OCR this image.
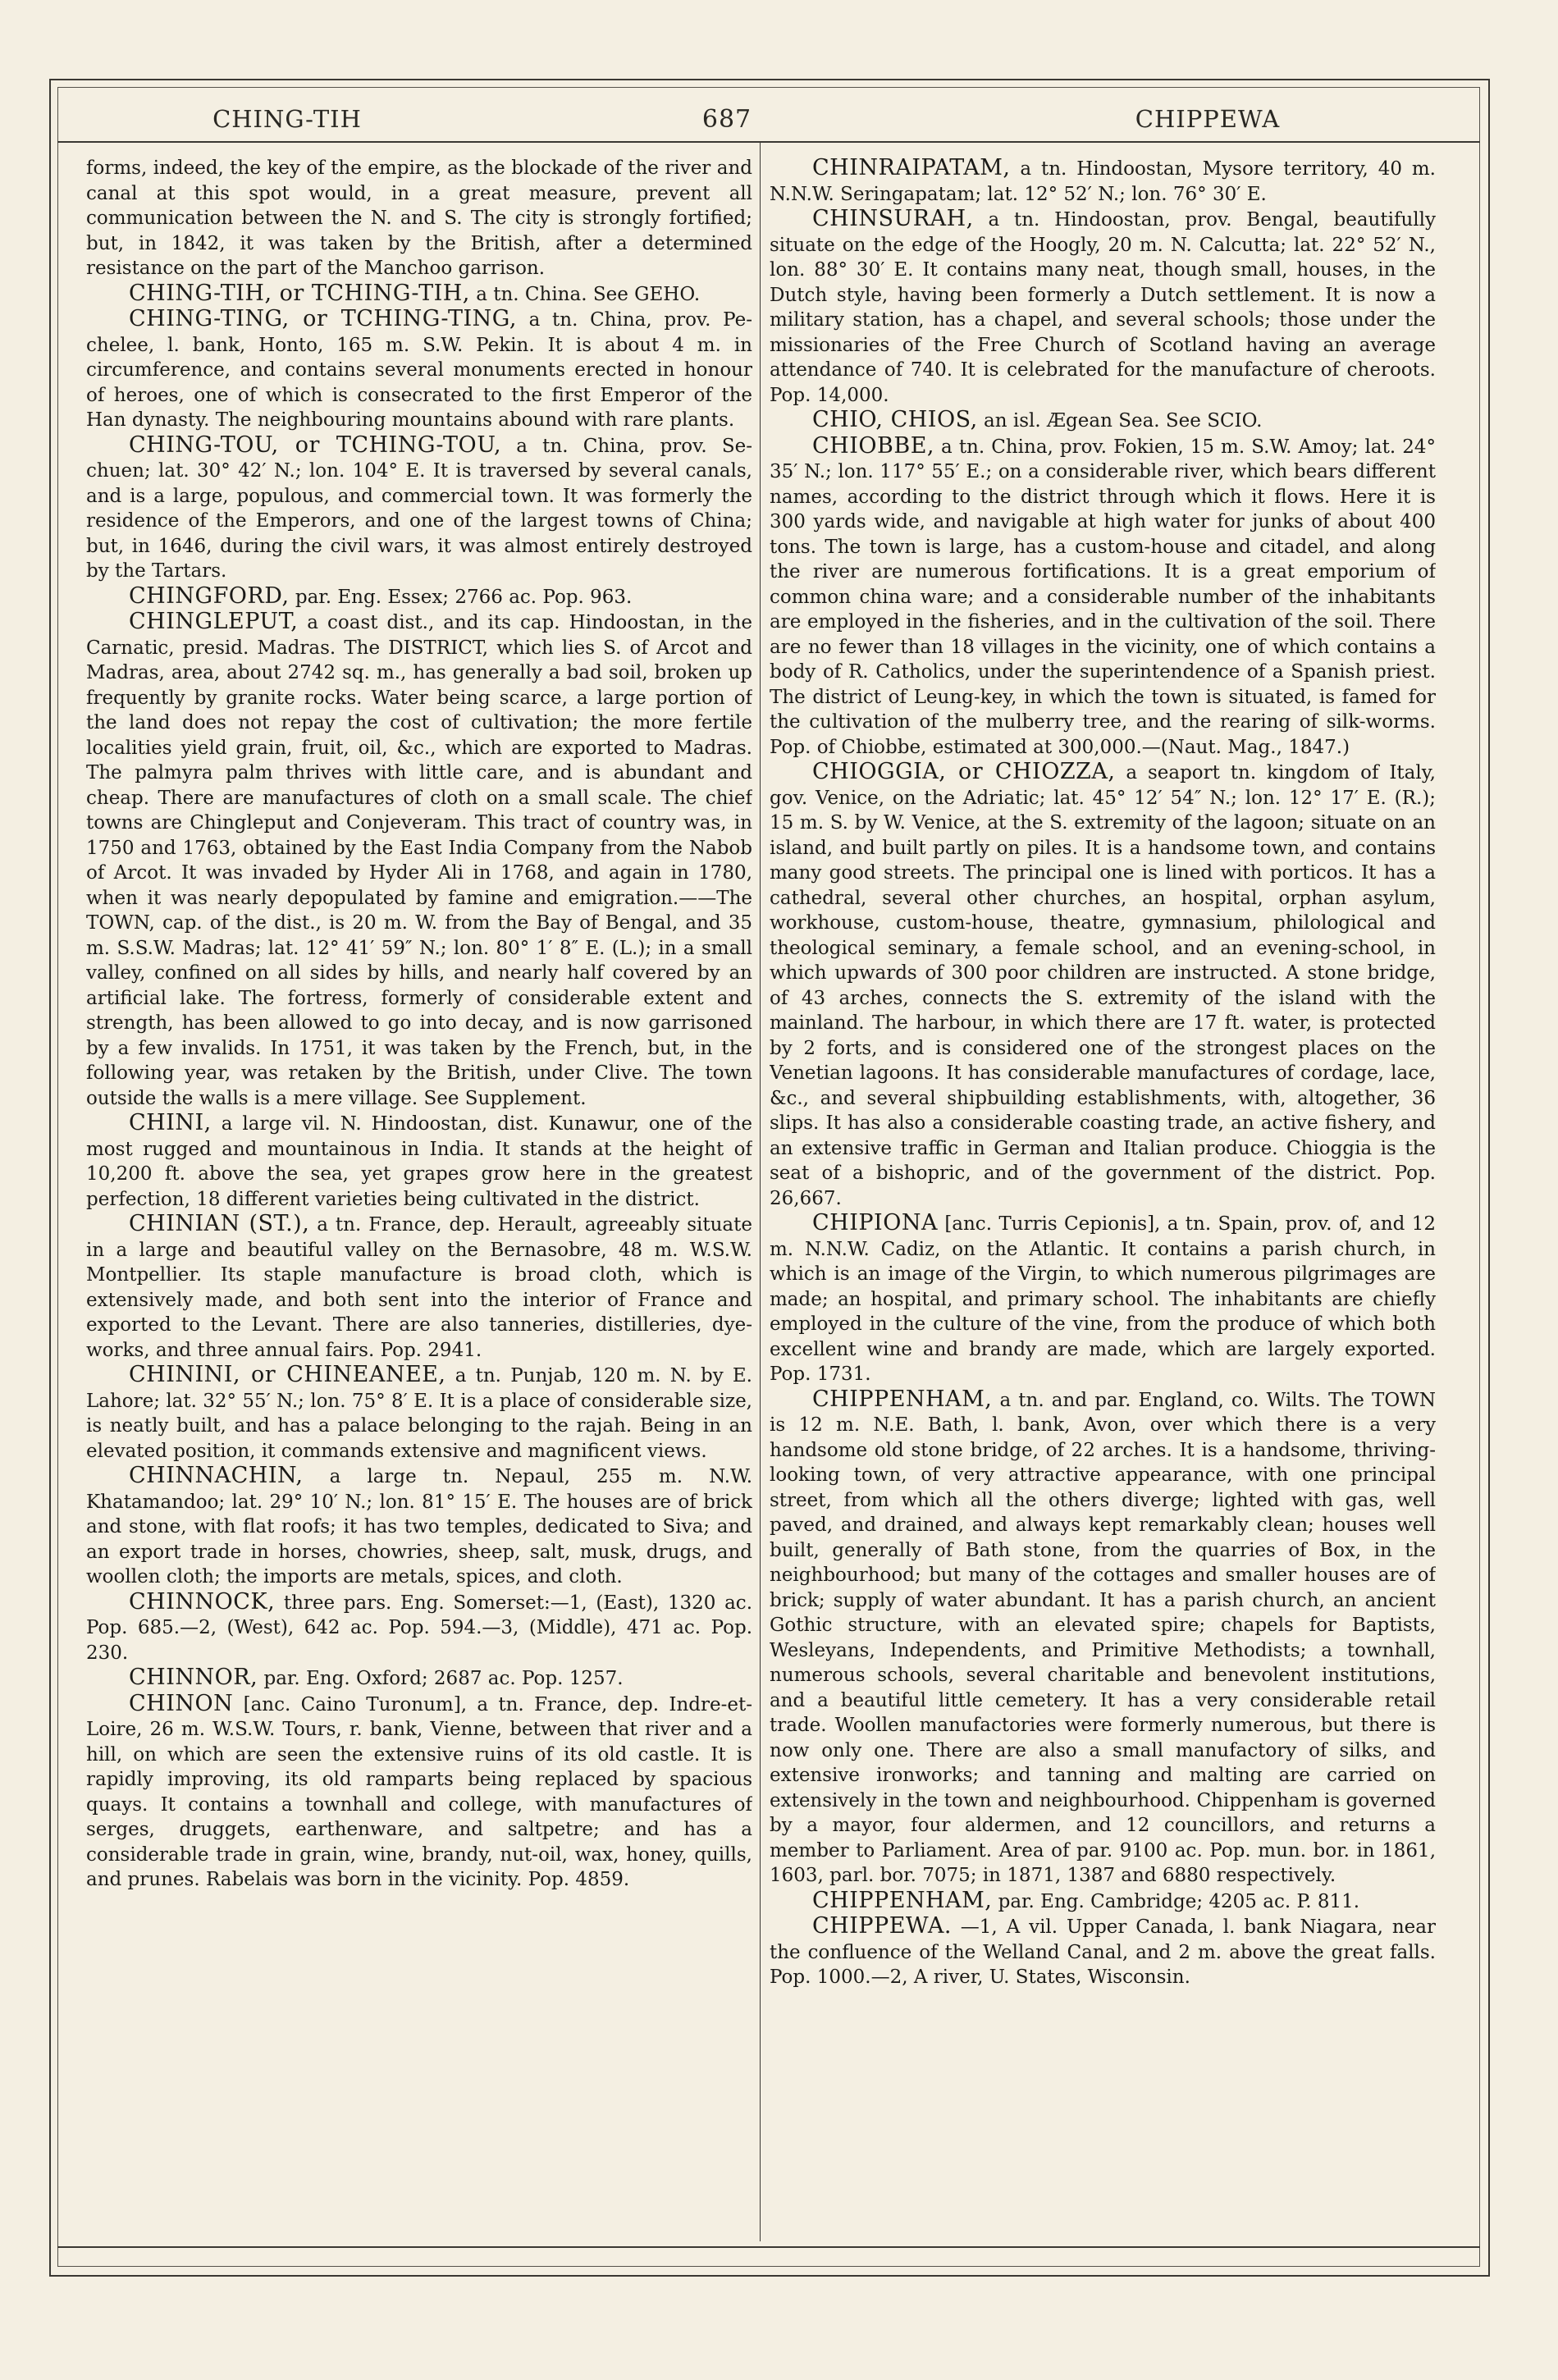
CHING-TIH	687	CHIPPEWA

forms, indeed, the key of the empire, as the blockade of the river and canal at this spot would, in a great measure, prevent all communication between the N. and S. The city is strongly fortified; but, in 1842, it was taken by the British, after a determined resistance on the part of the Manchoo garrison.

CHING-TIH, or TCHING-TIH, a tn. China. See GEHO.

CHING-TING, or TCHING-TING, a tn. China, prov. Pe-chelee, l. bank, Honto, 165 m. S.W. Pekin. It is about 4 m. in circumference, and contains several monuments erected in honour of heroes, one of which is consecrated to the first Emperor of the Han dynasty. The neighbouring mountains abound with rare plants.

CHING-TOU, or TCHING-TOU, a tn. China, prov. Se-chuen; lat. 30° 42′ N.; lon. 104° E. It is traversed by several canals, and is a large, populous, and commercial town. It was formerly the residence of the Emperors, and one of the largest towns of China; but, in 1646, during the civil wars, it was almost entirely destroyed by the Tartars.

CHINGFORD, par. Eng. Essex; 2766 ac. Pop. 963.

CHINGLEPUT, a coast dist., and its cap. Hindoostan, in the Carnatic, presid. Madras. The DISTRICT, which lies S. of Arcot and Madras, area, about 2742 sq. m., has generally a bad soil, broken up frequently by granite rocks. Water being scarce, a large portion of the land does not repay the cost of cultivation; the more fertile localities yield grain, fruit, oil, &c., which are exported to Madras. The palmyra palm thrives with little care, and is abundant and cheap. There are manufactures of cloth on a small scale. The chief towns are Chingleput and Conjeveram. This tract of country was, in 1750 and 1763, obtained by the East India Company from the Nabob of Arcot. It was invaded by Hyder Ali in 1768, and again in 1780, when it was nearly depopulated by famine and emigration.——The TOWN, cap. of the dist., is 20 m. W. from the Bay of Bengal, and 35 m. S.S.W. Madras; lat. 12° 41′ 59″ N.; lon. 80° 1′ 8″ E. (L.); in a small valley, confined on all sides by hills, and nearly half covered by an artificial lake. The fortress, formerly of considerable extent and strength, has been allowed to go into decay, and is now garrisoned by a few invalids. In 1751, it was taken by the French, but, in the following year, was retaken by the British, under Clive. The town outside the walls is a mere village. See Supplement.

CHINI, a large vil. N. Hindoostan, dist. Kunawur, one of the most rugged and mountainous in India. It stands at the height of 10,200 ft. above the sea, yet grapes grow here in the greatest perfection, 18 different varieties being cultivated in the district.

CHINIAN (ST.), a tn. France, dep. Herault, agreeably situate in a large and beautiful valley on the Bernasobre, 48 m. W.S.W. Montpellier. Its staple manufacture is broad cloth, which is extensively made, and both sent into the interior of France and exported to the Levant. There are also tanneries, distilleries, dye-works, and three annual fairs. Pop. 2941.

CHININI, or CHINEANEE, a tn. Punjab, 120 m. N. by E. Lahore; lat. 32° 55′ N.; lon. 75° 8′ E. It is a place of considerable size, is neatly built, and has a palace belonging to the rajah. Being in an elevated position, it commands extensive and magnificent views.

CHINNACHIN, a large tn. Nepaul, 255 m. N.W. Khatamandoo; lat. 29° 10′ N.; lon. 81° 15′ E. The houses are of brick and stone, with flat roofs; it has two temples, dedicated to Siva; and an export trade in horses, chowries, sheep, salt, musk, drugs, and woollen cloth; the imports are metals, spices, and cloth.

CHINNOCK, three pars. Eng. Somerset:—1, (East), 1320 ac. Pop. 685.—2, (West), 642 ac. Pop. 594.—3, (Middle), 471 ac. Pop. 230.

CHINNOR, par. Eng. Oxford; 2687 ac. Pop. 1257.

CHINON [anc. Caino Turonum], a tn. France, dep. Indre-et-Loire, 26 m. W.S.W. Tours, r. bank, Vienne, between that river and a hill, on which are seen the extensive ruins of its old castle. It is rapidly improving, its old ramparts being replaced by spacious quays. It contains a townhall and college, with manufactures of serges, druggets, earthenware, and saltpetre; and has a considerable trade in grain, wine, brandy, nut-oil, wax, honey, quills, and prunes. Rabelais was born in the vicinity. Pop. 4859.

CHINRAIPATAM, a tn. Hindoostan, Mysore territory, 40 m. N.N.W. Seringapatam; lat. 12° 52′ N.; lon. 76° 30′ E.

CHINSURAH, a tn. Hindoostan, prov. Bengal, beautifully situate on the edge of the Hoogly, 20 m. N. Calcutta; lat. 22° 52′ N., lon. 88° 30′ E. It contains many neat, though small, houses, in the Dutch style, having been formerly a Dutch settlement. It is now a military station, has a chapel, and several schools; those under the missionaries of the Free Church of Scotland having an average attendance of 740. It is celebrated for the manufacture of cheroots. Pop. 14,000.

CHIO, CHIOS, an isl. Ægean Sea. See SCIO.

CHIOBBE, a tn. China, prov. Fokien, 15 m. S.W. Amoy; lat. 24° 35′ N.; lon. 117° 55′ E.; on a considerable river, which bears different names, according to the district through which it flows. Here it is 300 yards wide, and navigable at high water for junks of about 400 tons. The town is large, has a custom-house and citadel, and along the river are numerous fortifications. It is a great emporium of common china ware; and a considerable number of the inhabitants are employed in the fisheries, and in the cultivation of the soil. There are no fewer than 18 villages in the vicinity, one of which contains a body of R. Catholics, under the superintendence of a Spanish priest. The district of Leung-key, in which the town is situated, is famed for the cultivation of the mulberry tree, and the rearing of silk-worms. Pop. of Chiobbe, estimated at 300,000.—(Naut. Mag., 1847.)

CHIOGGIA, or CHIOZZA, a seaport tn. kingdom of Italy, gov. Venice, on the Adriatic; lat. 45° 12′ 54″ N.; lon. 12° 17′ E. (R.); 15 m. S. by W. Venice, at the S. extremity of the lagoon; situate on an island, and built partly on piles. It is a handsome town, and contains many good streets. The principal one is lined with porticos. It has a cathedral, several other churches, an hospital, orphan asylum, workhouse, custom-house, theatre, gymnasium, philological and theological seminary, a female school, and an evening-school, in which upwards of 300 poor children are instructed. A stone bridge, of 43 arches, connects the S. extremity of the island with the mainland. The harbour, in which there are 17 ft. water, is protected by 2 forts, and is considered one of the strongest places on the Venetian lagoons. It has considerable manufactures of cordage, lace, &c., and several shipbuilding establishments, with, altogether, 36 slips. It has also a considerable coasting trade, an active fishery, and an extensive traffic in German and Italian produce. Chioggia is the seat of a bishopric, and of the government of the district. Pop. 26,667.

CHIPIONA [anc. Turris Cepionis], a tn. Spain, prov. of, and 12 m. N.N.W. Cadiz, on the Atlantic. It contains a parish church, in which is an image of the Virgin, to which numerous pilgrimages are made; an hospital, and primary school. The inhabitants are chiefly employed in the culture of the vine, from the produce of which both excellent wine and brandy are made, which are largely exported. Pop. 1731.

CHIPPENHAM, a tn. and par. England, co. Wilts. The TOWN is 12 m. N.E. Bath, l. bank, Avon, over which there is a very handsome old stone bridge, of 22 arches. It is a handsome, thriving-looking town, of very attractive appearance, with one principal street, from which all the others diverge; lighted with gas, well paved, and drained, and always kept remarkably clean; houses well built, generally of Bath stone, from the quarries of Box, in the neighbourhood; but many of the cottages and smaller houses are of brick; supply of water abundant. It has a parish church, an ancient Gothic structure, with an elevated spire; chapels for Baptists, Wesleyans, Independents, and Primitive Methodists; a townhall, numerous schools, several charitable and benevolent institutions, and a beautiful little cemetery. It has a very considerable retail trade. Woollen manufactories were formerly numerous, but there is now only one. There are also a small manufactory of silks, and extensive ironworks; and tanning and malting are carried on extensively in the town and neighbourhood. Chippenham is governed by a mayor, four aldermen, and 12 councillors, and returns a member to Parliament. Area of par. 9100 ac. Pop. mun. bor. in 1861, 1603, parl. bor. 7075; in 1871, 1387 and 6880 respectively.

CHIPPENHAM, par. Eng. Cambridge; 4205 ac. P. 811.

CHIPPEWA. —1, A vil. Upper Canada, l. bank Niagara, near the confluence of the Welland Canal, and 2 m. above the great falls. Pop. 1000.—2, A river, U. States, Wisconsin.
